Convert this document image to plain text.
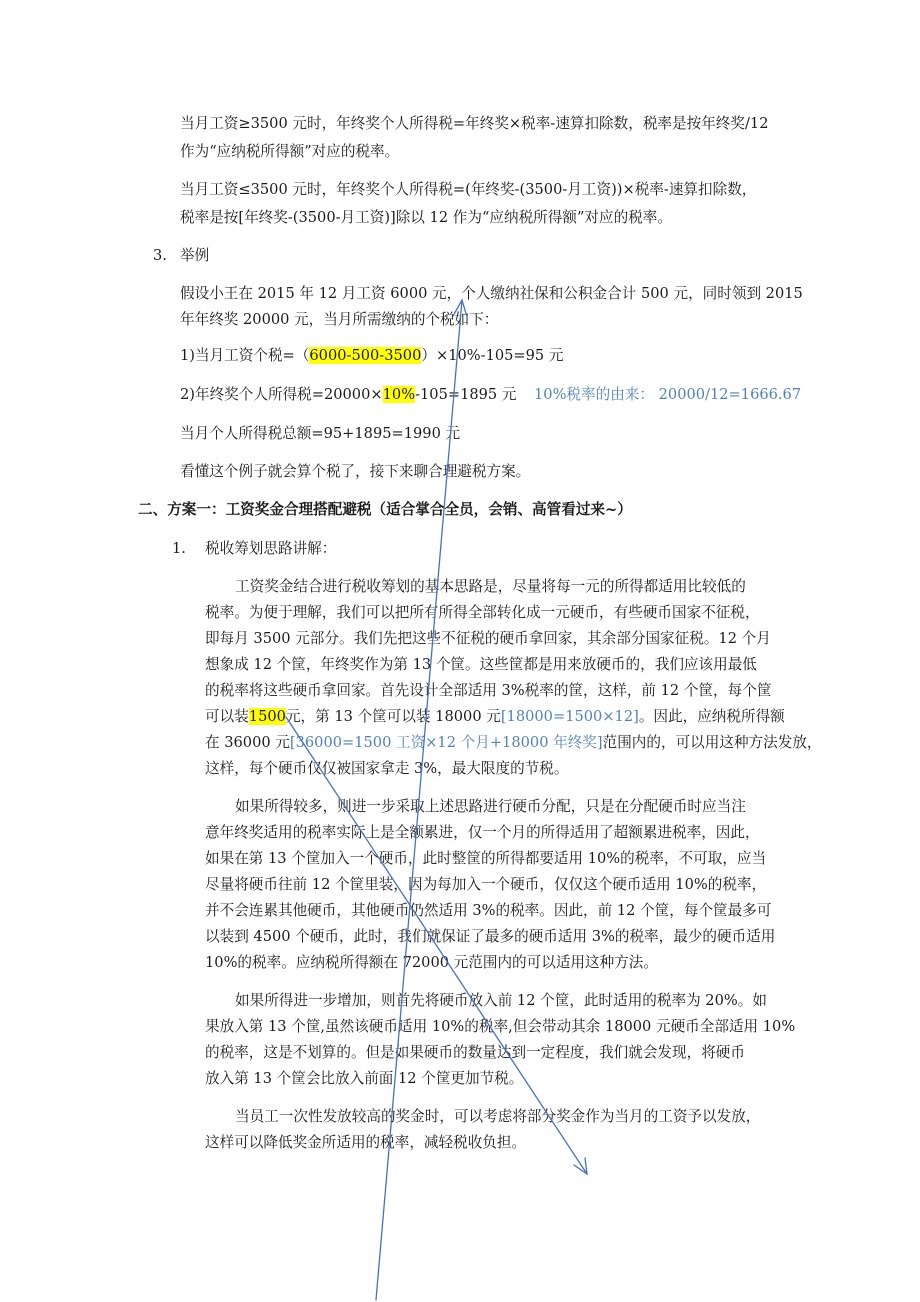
当月工资≥3500 元时，年终奖个人所得税=年终奖×税率-速算扣除数，税率是按年终奖/12
作为“应纳税所得额”对应的税率。
当月工资≤3500 元时，年终奖个人所得税=(年终奖-(3500-月工资))×税率-速算扣除数，
税率是按[年终奖-(3500-月工资)]除以 12 作为“应纳税所得额”对应的税率。
3. 举例
假设小王在 2015 年 12 月工资 6000 元，个人缴纳社保和公积金合计 500 元，同时领到 2015
年年终奖 20000 元，当月所需缴纳的个税如下：
1)当月工资个税=（6000-500-3500）×10%-105=95 元
2)年终奖个人所得税=20000×10%-105=1895 元 10%税率的由来： 20000/12=1666.67
当月个人所得税总额=95+1895=1990 元
看懂这个例子就会算个税了，接下来聊合理避税方案。
二、方案一：工资奖金合理搭配避税（适合掌合全员，会销、高管看过来~）
1. 税收筹划思路讲解：
工资奖金结合进行税收筹划的基本思路是，尽量将每一元的所得都适用比较低的
税率。为便于理解，我们可以把所有所得全部转化成一元硬币，有些硬币国家不征税，
即每月 3500 元部分。我们先把这些不征税的硬币拿回家，其余部分国家征税。12 个月
想象成 12 个筐，年终奖作为第 13 个筐。这些筐都是用来放硬币的，我们应该用最低
的税率将这些硬币拿回家。首先设计全部适用 3%税率的筐，这样，前 12 个筐，每个筐
可以装1500元，第 13 个筐可以装 18000 元[18000=1500×12]。因此，应纳税所得额
在 36000 元[36000=1500 工资×12 个月+18000 年终奖]范围内的，可以用这种方法发放，
这样，每个硬币仅仅被国家拿走 3%，最大限度的节税。
如果所得较多，则进一步采取上述思路进行硬币分配，只是在分配硬币时应当注
意年终奖适用的税率实际上是全额累进，仅一个月的所得适用了超额累进税率，因此，
如果在第 13 个筐加入一个硬币，此时整筐的所得都要适用 10%的税率，不可取，应当
尽量将硬币往前 12 个筐里装，因为每加入一个硬币，仅仅这个硬币适用 10%的税率，
并不会连累其他硬币，其他硬币仍然适用 3%的税率。因此，前 12 个筐，每个筐最多可
以装到 4500 个硬币，此时，我们就保证了最多的硬币适用 3%的税率，最少的硬币适用
10%的税率。应纳税所得额在 72000 元范围内的可以适用这种方法。
如果所得进一步增加，则首先将硬币放入前 12 个筐，此时适用的税率为 20%。如
果放入第 13 个筐,虽然该硬币适用 10%的税率,但会带动其余 18000 元硬币全部适用 10%
的税率，这是不划算的。但是如果硬币的数量达到一定程度，我们就会发现，将硬币
放入第 13 个筐会比放入前面 12 个筐更加节税。
当员工一次性发放较高的奖金时，可以考虑将部分奖金作为当月的工资予以发放，
这样可以降低奖金所适用的税率，减轻税收负担。
